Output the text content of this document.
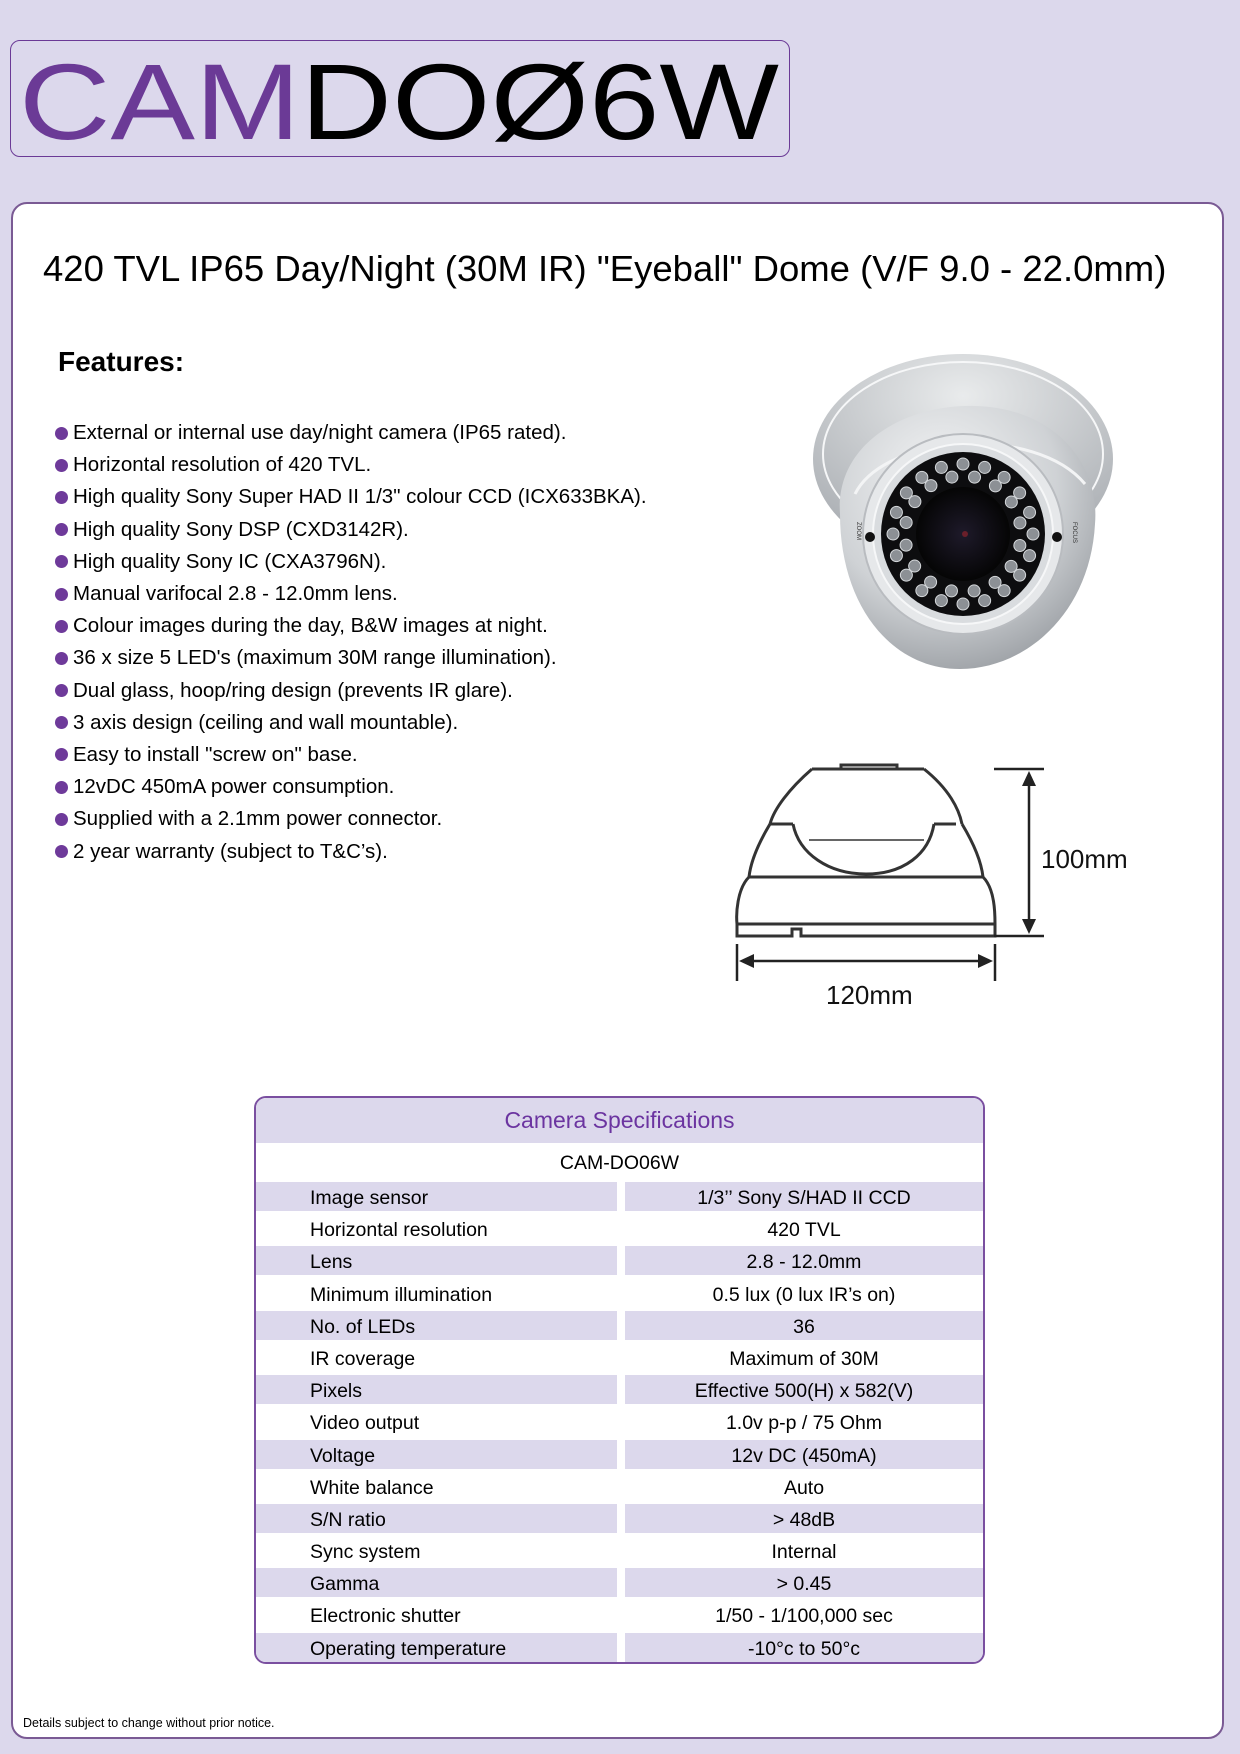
CAM DOØ6W
420 TVL IP65 Day/Night (30M IR) "Eyeball" Dome (V/F 9.0 - 22.0mm)
Features:
External or internal use day/night camera (IP65 rated).
Horizontal resolution of 420 TVL.
High quality Sony Super HAD II 1/3" colour CCD (ICX633BKA).
High quality Sony DSP (CXD3142R).
High quality Sony IC (CXA3796N).
Manual varifocal 2.8 - 12.0mm lens.
Colour images during the day, B&W images at night.
36 x size 5 LED's (maximum 30M range illumination).
Dual glass, hoop/ring design (prevents IR glare).
3 axis design (ceiling and wall mountable).
Easy to install "screw on" base.
12vDC 450mA power consumption.
Supplied with a 2.1mm power connector.
2 year warranty (subject to T&C’s).
ZOOM	FOCUS
100mm
120mm
Camera Specifications
CAM-DO06W
Image sensor	1/3’’ Sony S/HAD II CCD
Horizontal resolution	420 TVL
Lens	2.8 - 12.0mm
Minimum illumination	0.5 lux (0 lux IR’s on)
No. of LEDs	36
IR coverage	Maximum of 30M
Pixels	Effective 500(H) x 582(V)
Video output	1.0v p-p / 75 Ohm
Voltage	12v DC (450mA)
White balance	Auto
S/N ratio	> 48dB
Sync system	Internal
Gamma	> 0.45
Electronic shutter	1/50 - 1/100,000 sec
Operating temperature	-10°c to 50°c
Details subject to change without prior notice.
